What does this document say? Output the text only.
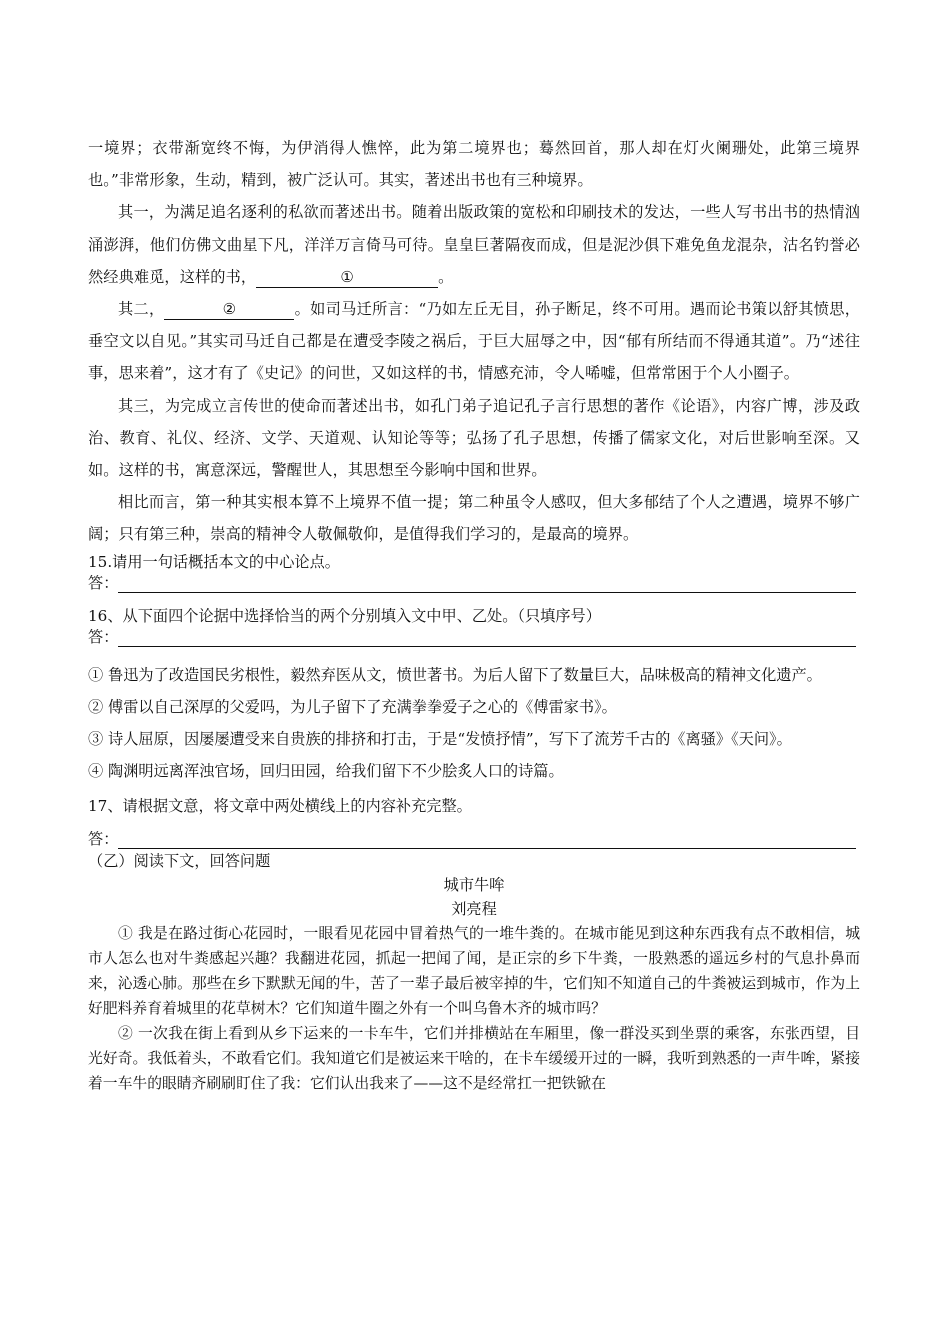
一境界；衣带渐宽终不悔，为伊消得人憔悴，此为第二境界也；蓦然回首，那人却在灯火阑珊处，此第三境界也。”非常形象，生动，精到，被广泛认可。其实，著述出书也有三种境界。

其一，为满足追名逐利的私欲而著述出书。随着出版政策的宽松和印刷技术的发达，一些人写书出书的热情汹涌澎湃，他们仿佛文曲星下凡，洋洋万言倚马可待。皇皇巨著隔夜而成，但是泥沙俱下难免鱼龙混杂，沽名钓誉必然经典难觅，这样的书，	①	。

其二，	②	。如司马迁所言：“乃如左丘无目，孙子断足，终不可用。遇而论书策以舒其愤思，垂空文以自见。”其实司马迁自己都是在遭受李陵之祸后，于巨大屈辱之中，因“郁有所结而不得通其道”。乃“述往事，思来着”，这才有了《史记》的问世，又如这样的书，情感充沛，令人唏嘘，但常常困于个人小圈子。

其三，为完成立言传世的使命而著述出书，如孔门弟子追记孔子言行思想的著作《论语》，内容广博，涉及政治、教育、礼仪、经济、文学、天道观、认知论等等；弘扬了孔子思想，传播了儒家文化，对后世影响至深。又如。这样的书，寓意深远，警醒世人，其思想至今影响中国和世界。

相比而言，第一种其实根本算不上境界不值一提；第二种虽令人感叹，但大多郁结了个人之遭遇，境界不够广阔；只有第三种，崇高的精神令人敬佩敬仰，是值得我们学习的，是最高的境界。

15.请用一句话概括本文的中心论点。

答：

16、从下面四个论据中选择恰当的两个分别填入文中甲、乙处。（只填序号）

答：

① 鲁迅为了改造国民劣根性，毅然弃医从文，愤世著书。为后人留下了数量巨大，品味极高的精神文化遗产。

② 傅雷以自己深厚的父爱吗，为儿子留下了充满拳拳爱子之心的《傅雷家书》。

③ 诗人屈原，因屡屡遭受来自贵族的排挤和打击，于是“发愤抒情”，写下了流芳千古的《离骚》《天问》。

④ 陶渊明远离浑浊官场，回归田园，给我们留下不少脍炙人口的诗篇。

17、请根据文意，将文章中两处横线上的内容补充完整。

答：

（乙）阅读下文，回答问题

城市牛哞

刘亮程

① 我是在路过街心花园时，一眼看见花园中冒着热气的一堆牛粪的。在城市能见到这种东西我有点不敢相信，城市人怎么也对牛粪感起兴趣？我翻进花园，抓起一把闻了闻，是正宗的乡下牛粪，一股熟悉的遥远乡村的气息扑鼻而来，沁透心肺。那些在乡下默默无闻的牛，苦了一辈子最后被宰掉的牛，它们知不知道自己的牛粪被运到城市，作为上好肥料养育着城里的花草树木？它们知道牛圈之外有一个叫乌鲁木齐的城市吗？

② 一次我在街上看到从乡下运来的一卡车牛，它们并排横站在车厢里，像一群没买到坐票的乘客，东张西望，目光好奇。我低着头，不敢看它们。我知道它们是被运来干啥的，在卡车缓缓开过的一瞬，我听到熟悉的一声牛哞，紧接着一车牛的眼睛齐刷刷盯住了我：它们认出我来了——这不是经常扛一把铁锨在
